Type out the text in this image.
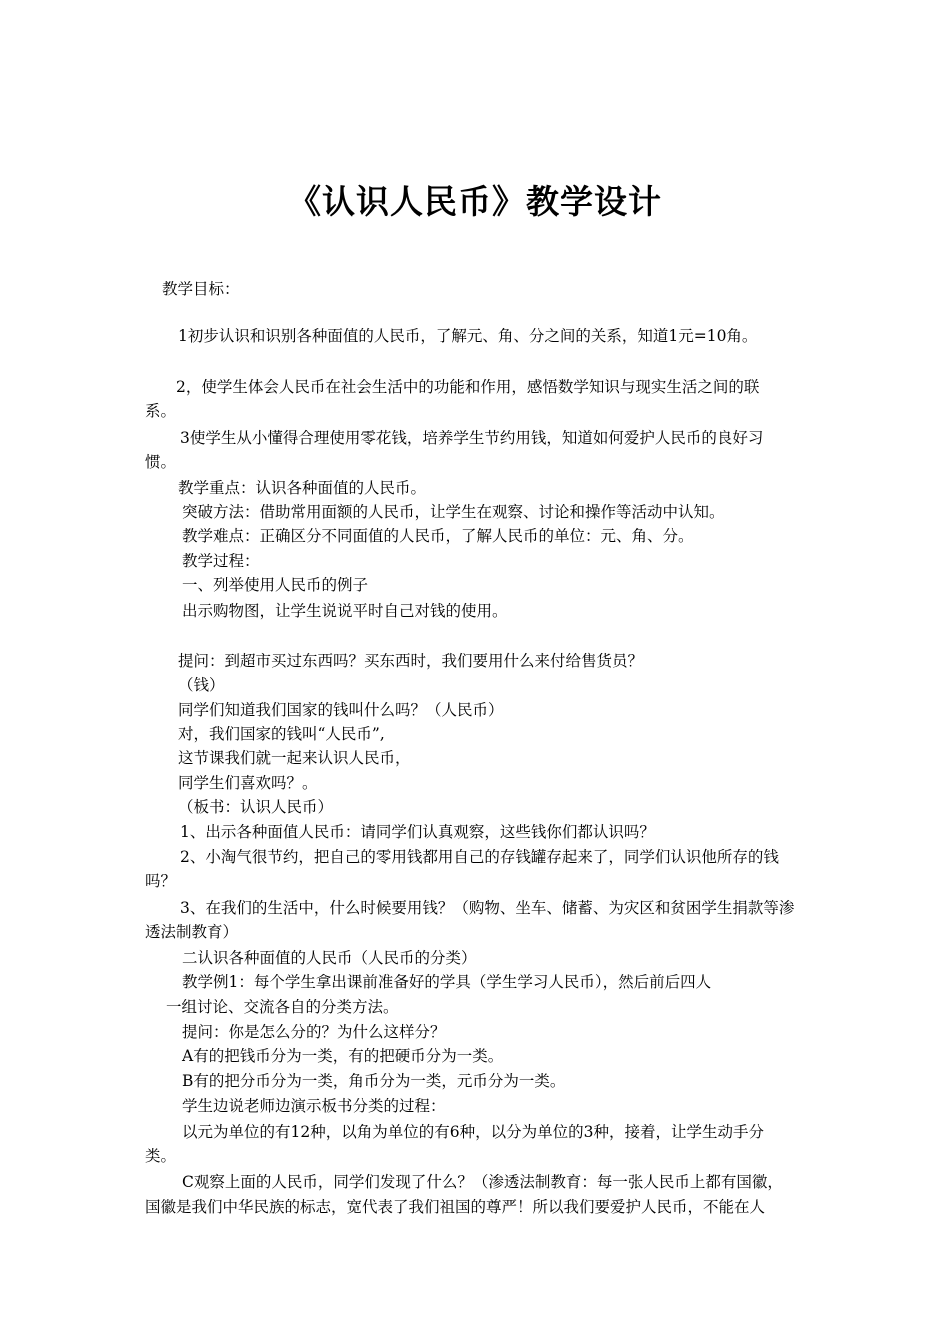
《认识人民币》教学设计
教学目标：
1初步认识和识别各种面值的人民币，了解元、角、分之间的关系，知道1元=10角。
2，使学生体会人民币在社会生活中的功能和作用，感悟数学知识与现实生活之间的联
系。
3使学生从小懂得合理使用零花钱，培养学生节约用钱，知道如何爱护人民币的良好习
惯。
教学重点：认识各种面值的人民币。
突破方法：借助常用面额的人民币，让学生在观察、讨论和操作等活动中认知。
教学难点：正确区分不同面值的人民币，了解人民币的单位：元、角、分。
教学过程：
一、列举使用人民币的例子
出示购物图，让学生说说平时自己对钱的使用。
提问：到超市买过东西吗？买东西时，我们要用什么来付给售货员？
（钱）
同学们知道我们国家的钱叫什么吗？（人民币）
对，我们国家的钱叫“人民币”,
这节课我们就一起来认识人民币，
同学生们喜欢吗？。
（板书：认识人民币）
1、出示各种面值人民币：请同学们认真观察，这些钱你们都认识吗？
2、小淘气很节约，把自己的零用钱都用自己的存钱罐存起来了，同学们认识他所存的钱
吗？
3、在我们的生活中，什么时候要用钱？（购物、坐车、储蓄、为灾区和贫困学生捐款等渗
透法制教育）
二认识各种面值的人民币（人民币的分类）
教学例1：每个学生拿出课前准备好的学具（学生学习人民币），然后前后四人
一组讨论、交流各自的分类方法。
提问：你是怎么分的？为什么这样分？
A有的把钱币分为一类，有的把硬币分为一类。
B有的把分币分为一类，角币分为一类，元币分为一类。
学生边说老师边演示板书分类的过程：
以元为单位的有12种，以角为单位的有6种，以分为单位的3种，接着，让学生动手分
类。
C观察上面的人民币，同学们发现了什么？（渗透法制教育：每一张人民币上都有国徽，
国徽是我们中华民族的标志，宽代表了我们祖国的尊严！所以我们要爱护人民币，不能在人
